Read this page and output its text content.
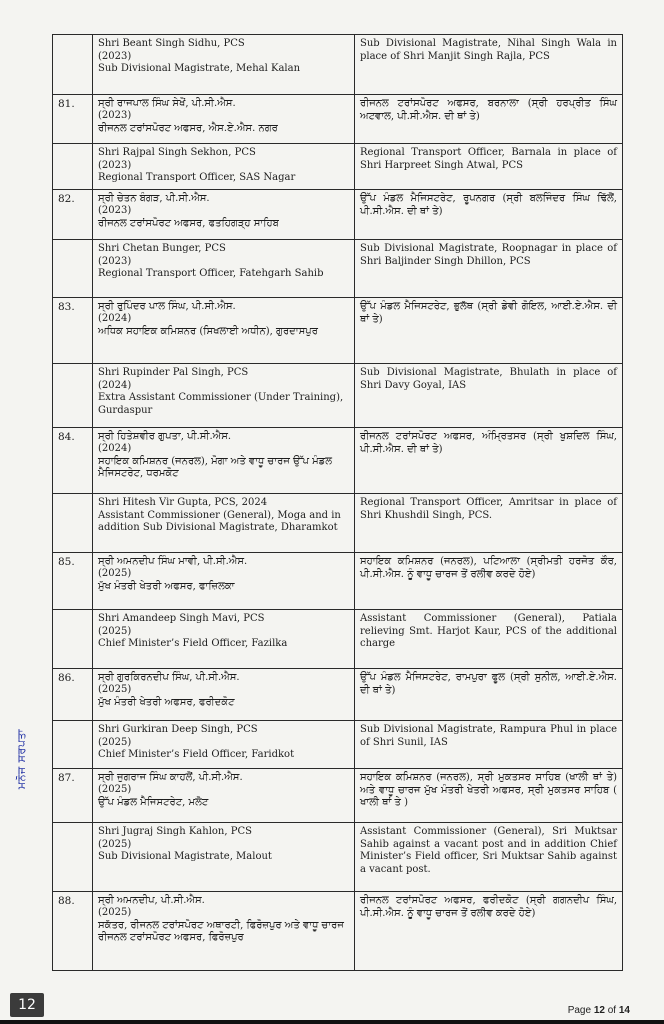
	Shri Beant Singh Sidhu, PCS
(2023)
Sub Divisional Magistrate, Mehal Kalan	Sub Divisional Magistrate, Nihal Singh Wala in place of Shri Manjit Singh Rajla, PCS
81.	ਸ੍ਰੀ ਰਾਜਪਾਲ ਸਿੰਘ ਸੇਖੋਂ, ਪੀ.ਸੀ.ਐਸ.
(2023)
ਰੀਜਨਲ ਟਰਾਂਸਪੋਰਟ ਅਫਸਰ, ਐਸ.ਏ.ਐਸ. ਨਗਰ	ਰੀਜਨਲ ਟਰਾਂਸਪੋਰਟ ਅਫਸਰ, ਬਰਨਾਲਾ (ਸ੍ਰੀ ਹਰਪ੍ਰੀਤ ਸਿੰਘ ਅਟਵਾਲ, ਪੀ.ਸੀ.ਐਸ. ਦੀ ਥਾਂ ਤੇ)
	Shri Rajpal Singh Sekhon, PCS
(2023)
Regional Transport Officer, SAS Nagar	Regional Transport Officer, Barnala in place of Shri Harpreet Singh Atwal, PCS
82.	ਸ੍ਰੀ ਚੇਤਨ ਬੰਗੜ, ਪੀ.ਸੀ.ਐਸ.
(2023)
ਰੀਜਨਲ ਟਰਾਂਸਪੋਰਟ ਅਫਸਰ, ਫਤਹਿਗੜ੍ਹ ਸਾਹਿਬ	ਉੱਪ ਮੰਡਲ ਮੈਜਿਸਟਰੇਟ, ਰੂਪਨਗਰ (ਸ੍ਰੀ ਬਲਜਿੰਦਰ ਸਿੰਘ ਢਿੱਲੋਂ, ਪੀ.ਸੀ.ਐਸ. ਦੀ ਥਾਂ ਤੇ)
	Shri Chetan Bunger, PCS
(2023)
Regional Transport Officer, Fatehgarh Sahib	Sub Divisional Magistrate, Roopnagar in place of Shri Baljinder Singh Dhillon, PCS
83.	ਸ੍ਰੀ ਰੁਪਿੰਦਰ ਪਾਲ ਸਿੰਘ, ਪੀ.ਸੀ.ਐਸ.
(2024)
ਅਧਿਕ ਸਹਾਇਕ ਕਮਿਸ਼ਨਰ (ਸਿਖਲਾਈ ਅਧੀਨ), ਗੁਰਦਾਸਪੁਰ	ਉੱਪ ਮੰਡਲ ਮੈਜਿਸਟਰੇਟ, ਭੁਲੱਥ (ਸ੍ਰੀ ਡੇਵੀ ਗੋਇਲ, ਆਈ.ਏ.ਐਸ. ਦੀ ਥਾਂ ਤੇ)
	Shri Rupinder Pal Singh, PCS
(2024)
Extra Assistant Commissioner (Under Training), Gurdaspur	Sub Divisional Magistrate, Bhulath in place of Shri Davy Goyal, IAS
84.	ਸ੍ਰੀ ਹਿਤੇਸ਼ਵੀਰ ਗੁਪਤਾ, ਪੀ.ਸੀ.ਐਸ.
(2024)
ਸਹਾਇਕ ਕਮਿਸ਼ਨਰ (ਜਨਰਲ), ਮੋਗਾ ਅਤੇ ਵਾਧੂ ਚਾਰਜ ਉੱਪ ਮੰਡਲ ਮੈਜਿਸਟਰੇਟ, ਧਰਮਕੋਟ	ਰੀਜਨਲ ਟਰਾਂਸਪੋਰਟ ਅਫਸਰ, ਅੰਮ੍ਰਿਤਸਰ (ਸ੍ਰੀ ਖੁਸ਼ਦਿਲ ਸਿੰਘ, ਪੀ.ਸੀ.ਐਸ. ਦੀ ਥਾਂ ਤੇ)
	Shri Hitesh Vir Gupta, PCS, 2024
Assistant Commissioner (General), Moga and in addition Sub Divisional Magistrate, Dharamkot	Regional Transport Officer, Amritsar in place of Shri Khushdil Singh, PCS.
85.	ਸ੍ਰੀ ਅਮਨਦੀਪ ਸਿੰਘ ਮਾਵੀ, ਪੀ.ਸੀ.ਐਸ.
(2025)
ਮੁੱਖ ਮੰਤਰੀ ਖੇਤਰੀ ਅਫਸਰ, ਫਾਜ਼ਿਲਕਾ	ਸਹਾਇਕ ਕਮਿਸ਼ਨਰ (ਜਨਰਲ), ਪਟਿਆਲਾ (ਸ੍ਰੀਮਤੀ ਹਰਜੋਤ ਕੌਰ, ਪੀ.ਸੀ.ਐਸ. ਨੂੰ ਵਾਧੂ ਚਾਰਜ ਤੋਂ ਰਲੀਵ ਕਰਦੇ ਹੋਏ)
	Shri Amandeep Singh Mavi, PCS
(2025)
Chief Minister’s Field Officer, Fazilka	Assistant Commissioner (General), Patiala relieving Smt. Harjot Kaur, PCS of the additional charge
86.	ਸ੍ਰੀ ਗੁਰਕਿਰਨਦੀਪ ਸਿੰਘ, ਪੀ.ਸੀ.ਐਸ.
(2025)
ਮੁੱਖ ਮੰਤਰੀ ਖੇਤਰੀ ਅਫਸਰ, ਫਰੀਦਕੋਟ	ਉੱਪ ਮੰਡਲ ਮੈਜਿਸਟਰੇਟ, ਰਾਮਪੁਰਾ ਫੂਲ (ਸ੍ਰੀ ਸੁਨੀਲ, ਆਈ.ਏ.ਐਸ. ਦੀ ਥਾਂ ਤੇ)
	Shri Gurkiran Deep Singh, PCS
(2025)
Chief Minister’s Field Officer, Faridkot	Sub Divisional Magistrate, Rampura Phul in place of Shri Sunil, IAS
87.	ਸ੍ਰੀ ਜੁਗਰਾਜ ਸਿੰਘ ਕਾਹਲੋਂ, ਪੀ.ਸੀ.ਐਸ.
(2025)
ਉੱਪ ਮੰਡਲ ਮੈਜਿਸਟਰੇਟ, ਮਲੋਟ	ਸਹਾਇਕ ਕਮਿਸ਼ਨਰ (ਜਨਰਲ), ਸ੍ਰੀ ਮੁਕਤਸਰ ਸਾਹਿਬ (ਖਾਲੀ ਥਾਂ ਤੇ) ਅਤੇ ਵਾਧੂ ਚਾਰਜ ਮੁੱਖ ਮੰਤਰੀ ਖੇਤਰੀ ਅਫਸਰ, ਸ੍ਰੀ ਮੁਕਤਸਰ ਸਾਹਿਬ ( ਖਾਲੀ ਥਾਂ ਤੇ )
	Shri Jugraj Singh Kahlon, PCS
(2025)
Sub Divisional Magistrate, Malout	Assistant Commissioner (General), Sri Muktsar Sahib against a vacant post and in addition Chief Minister’s Field officer, Sri Muktsar Sahib against a vacant post.
88.	ਸ੍ਰੀ ਅਮਨਦੀਪ, ਪੀ.ਸੀ.ਐਸ.
(2025)
ਸਕੱਤਰ, ਰੀਜਨਲ ਟਰਾਂਸਪੋਰਟ ਅਥਾਰਟੀ, ਫਿਰੋਜ਼ਪੁਰ ਅਤੇ ਵਾਧੂ ਚਾਰਜ ਰੀਜਨਲ ਟਰਾਂਸਪੋਰਟ ਅਫਸਰ, ਫਿਰੋਜ਼ਪੁਰ	ਰੀਜਨਲ ਟਰਾਂਸਪੋਰਟ ਅਫਸਰ, ਫਰੀਦਕੋਟ (ਸ੍ਰੀ ਗਗਨਦੀਪ ਸਿੰਘ, ਪੀ.ਸੀ.ਐਸ. ਨੂੰ ਵਾਧੂ ਚਾਰਜ ਤੋਂ ਰਲੀਵ ਕਰਦੇ ਹੋਏ)
ਮਨੋਜ ਸਰਪਤਾ
12	Page 12 of 14
